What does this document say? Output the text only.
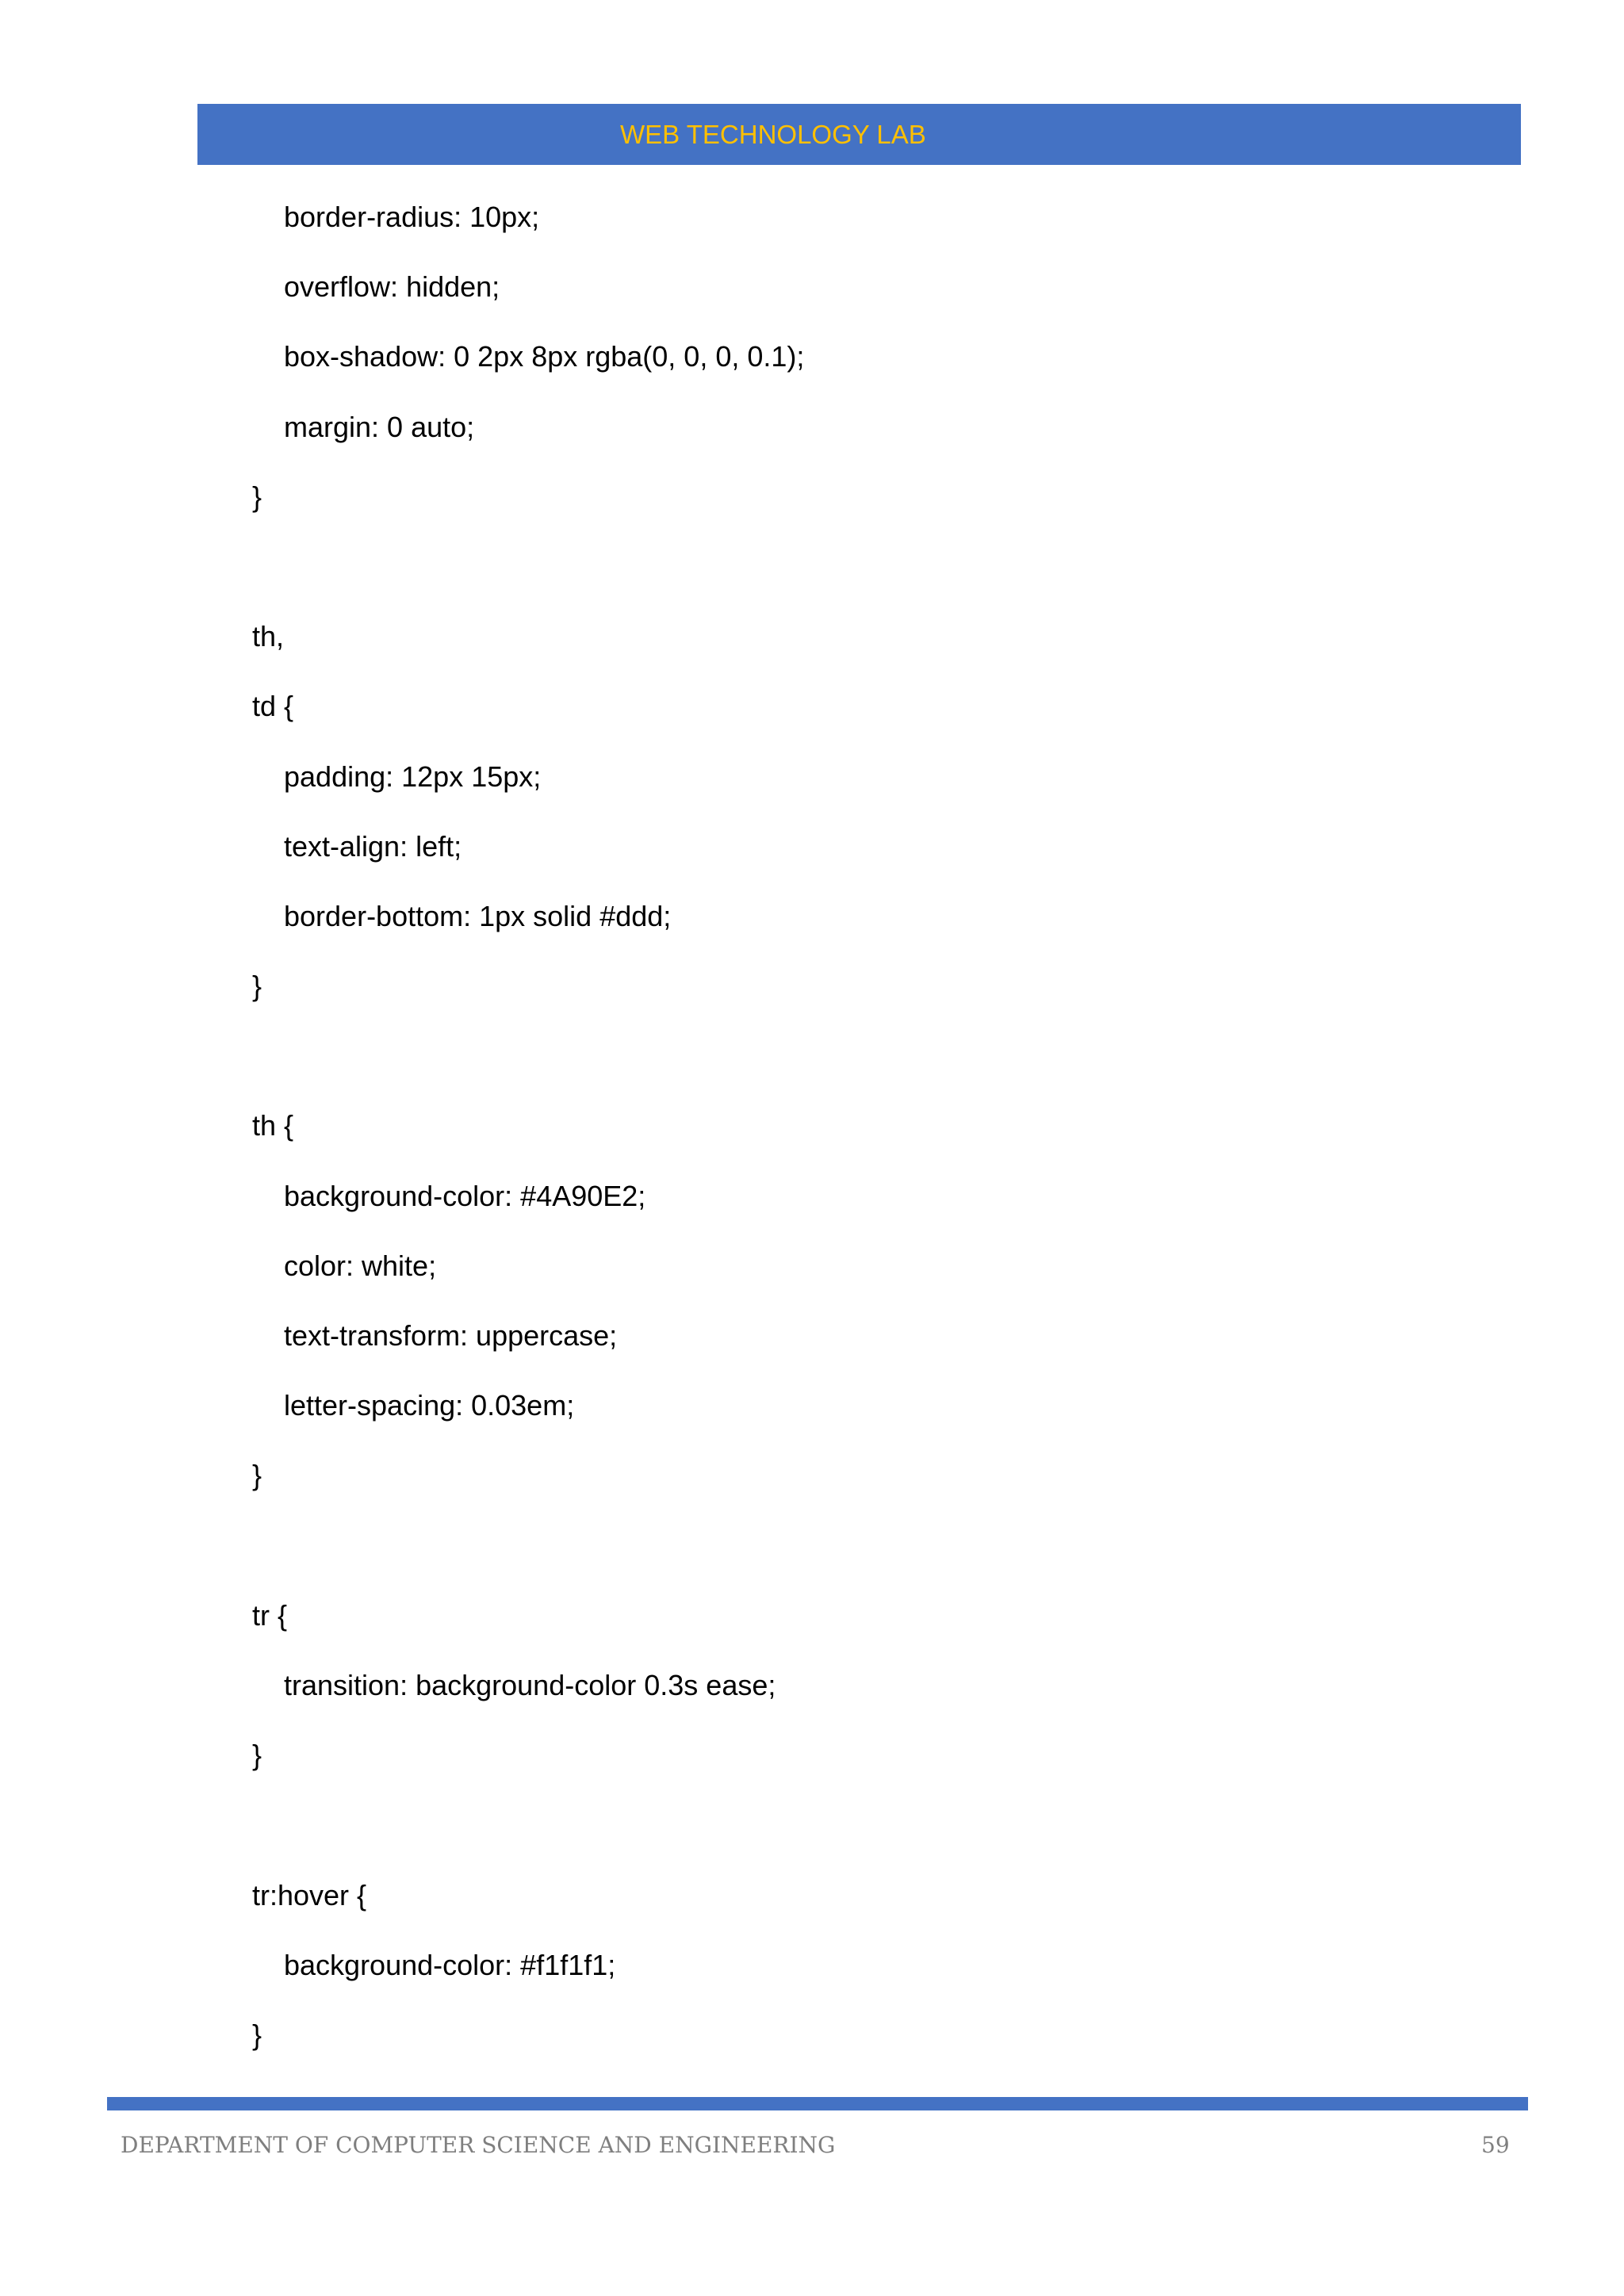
WEB TECHNOLOGY LAB
border-radius: 10px;
overflow: hidden;
box-shadow: 0 2px 8px rgba(0, 0, 0, 0.1);
margin: 0 auto;
}
th,
td {
padding: 12px 15px;
text-align: left;
border-bottom: 1px solid #ddd;
}
th {
background-color: #4A90E2;
color: white;
text-transform: uppercase;
letter-spacing: 0.03em;
}
tr {
transition: background-color 0.3s ease;
}
tr:hover {
background-color: #f1f1f1;
}
DEPARTMENT OF COMPUTER SCIENCE AND ENGINEERING	59
